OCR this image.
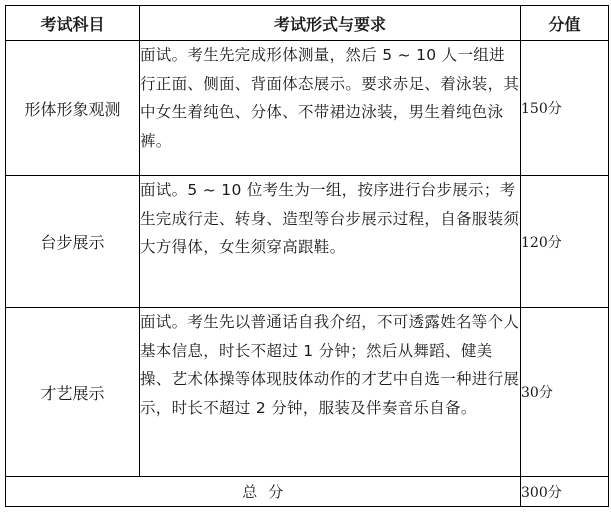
考试科目	考试形式与要求	分值
形体形象观测	面试。考生先完成形体测量，然后 5 ~ 10 人一组进行正面、侧面、背面体态展示。要求赤足、着泳装，其中女生着纯色、分体、不带裙边泳装，男生着纯色泳裤。	150分
台步展示	面试。5 ~ 10 位考生为一组，按序进行台步展示；考生完成行走、转身、造型等台步展示过程，自备服装须大方得体，女生须穿高跟鞋。	120分
才艺展示	面试。考生先以普通话自我介绍，不可透露姓名等个人基本信息，时长不超过 1 分钟；然后从舞蹈、健美操、艺术体操等体现肢体动作的才艺中自选一种进行展示，时长不超过 2 分钟，服装及伴奏音乐自备。	30分
总  分		300分
